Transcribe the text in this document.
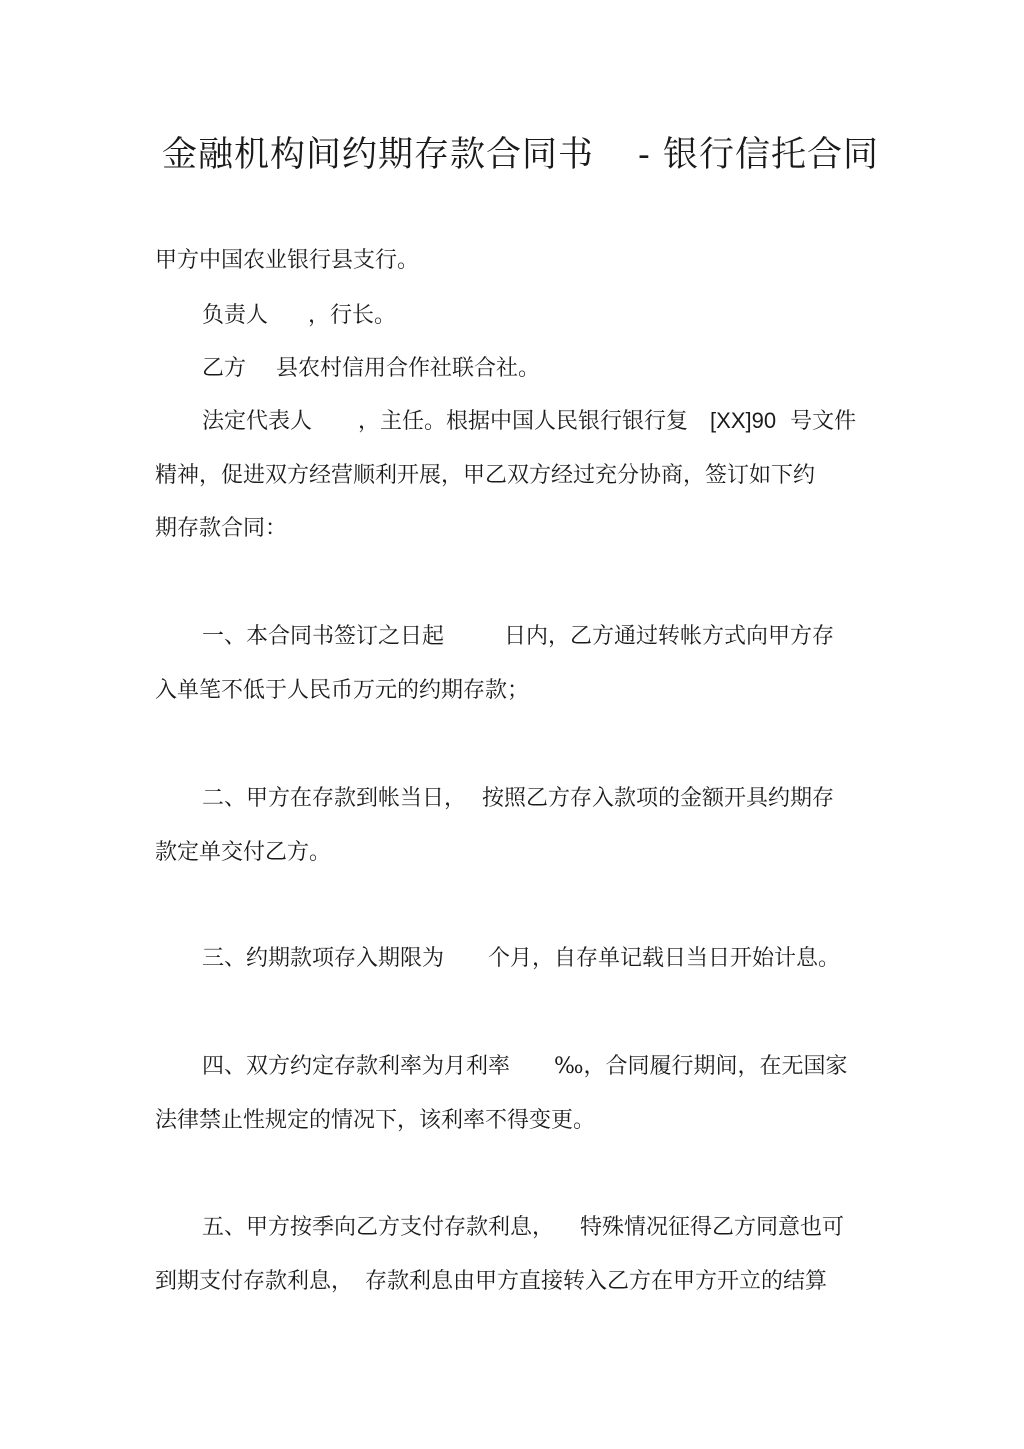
金融机构间约期存款合同书 - 银行信托合同
甲方中国农业银行县支行。
负责人 ，行长。
乙方 县农村信用合作社联合社。
法定代表人 ，主任。根据中国人民银行银行复 [XX]90 号文件
精神，促进双方经营顺利开展，甲乙双方经过充分协商，签订如下约
期存款合同：
一、本合同书签订之日起	日内，乙方通过转帐方式向甲方存
入单笔不低于人民币万元的约期存款；
二、甲方在存款到帐当日， 按照乙方存入款项的金额开具约期存
款定单交付乙方。
三、约期款项存入期限为 个月，自存单记载日当日开始计息。
四、双方约定存款利率为月利率 ‰，合同履行期间，在无国家
法律禁止性规定的情况下，该利率不得变更。
五、甲方按季向乙方支付存款利息， 特殊情况征得乙方同意也可
到期支付存款利息， 存款利息由甲方直接转入乙方在甲方开立的结算
